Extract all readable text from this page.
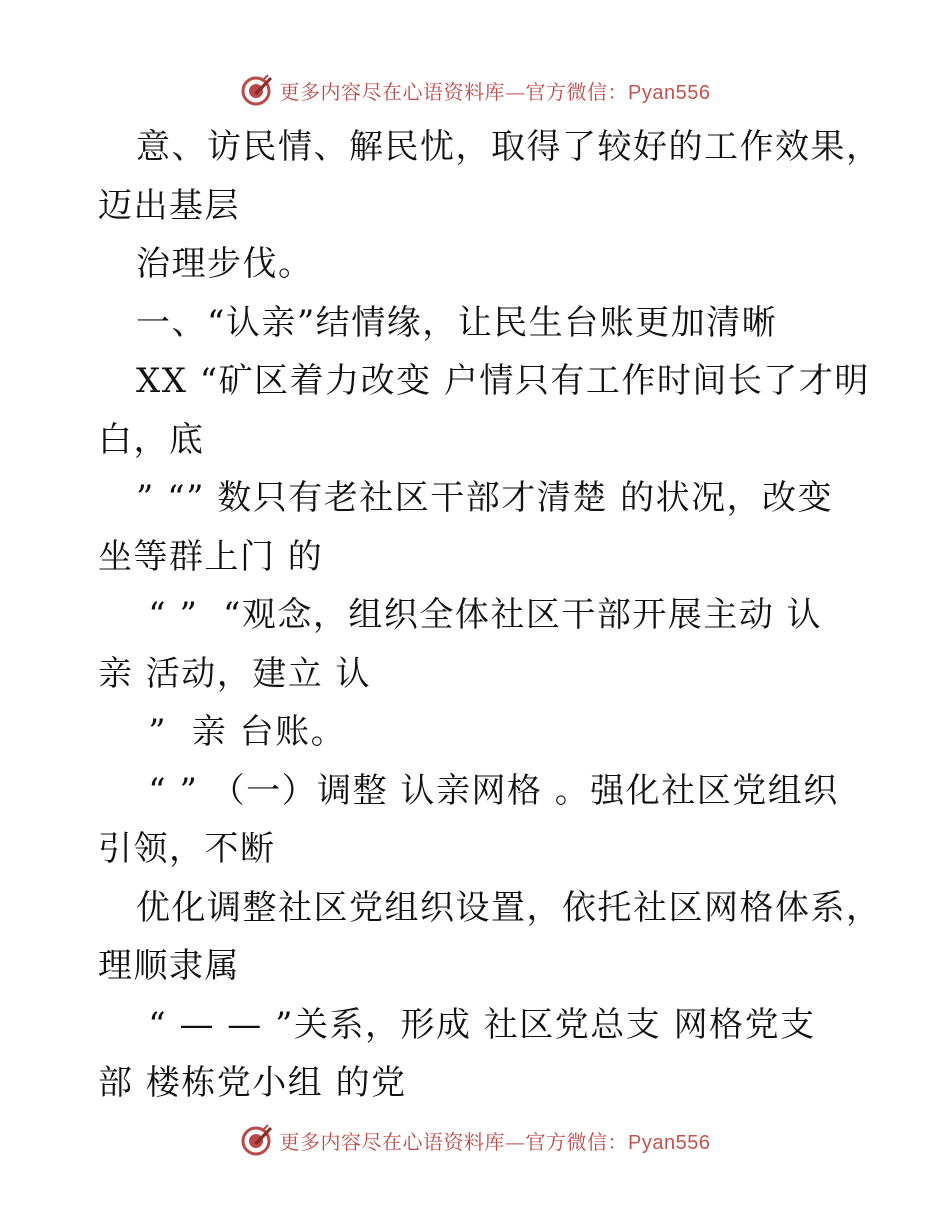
更多内容尽在心语资料库—官方微信：Pyan556
意、访民情、解民忧，取得了较好的工作效果，
迈出基层
治理步伐。
一、“认亲”结情缘，让民生台账更加清晰
XX “矿区着力改变 户情只有工作时间长了才明
白，底
” “” 数只有老社区干部才清楚 的状况，改变
坐等群上门 的
“ ”  “观念，组织全体社区干部开展主动 认
亲 活动，建立 认
”  亲 台账。
“ ” （一）调整 认亲网格 。强化社区党组织
引领，不断
优化调整社区党组织设置，依托社区网格体系，
理顺隶属
“ — — ”关系，形成 社区党总支 网格党支
部 楼栋党小组 的党
更多内容尽在心语资料库—官方微信：Pyan556
